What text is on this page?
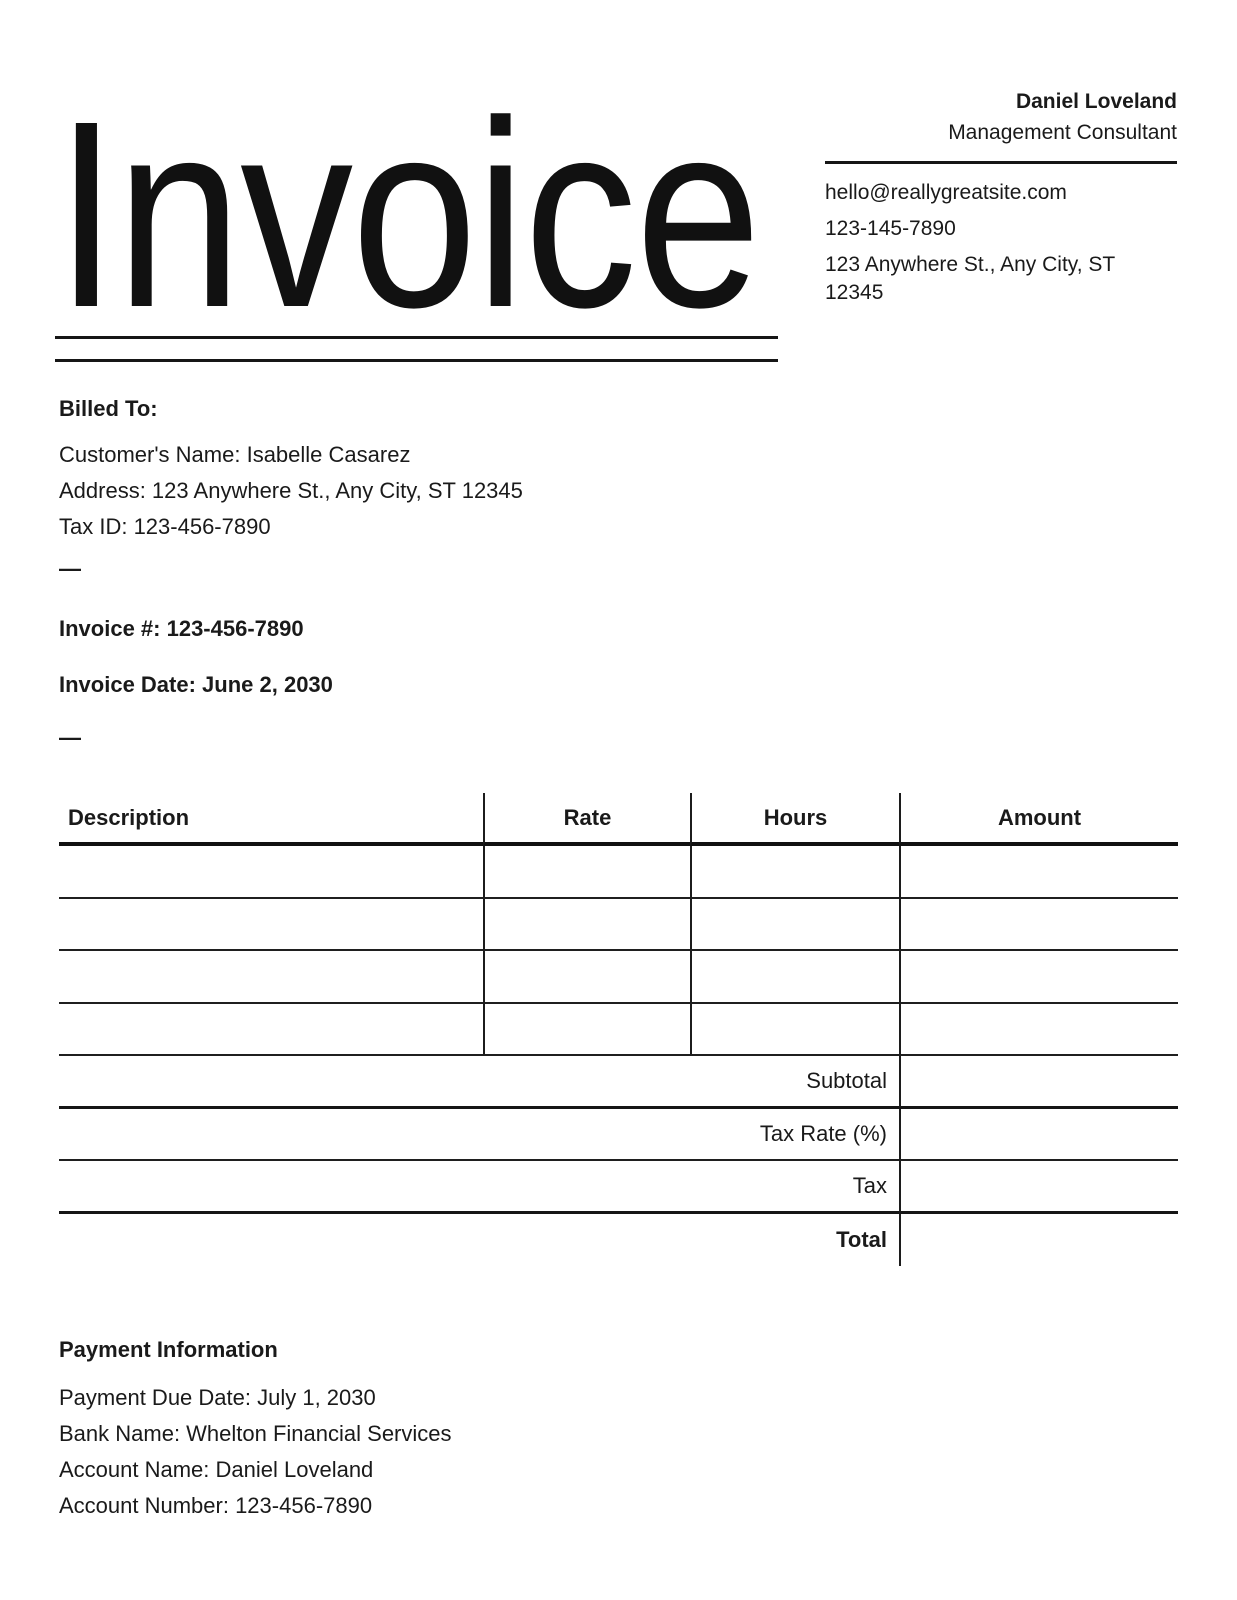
Invoice	Daniel Loveland
Management Consultant
hello@reallygreatsite.com
123-145-7890
123 Anywhere St., Any City, ST 12345
Billed To:
Customer's Name: Isabelle Casarez
Address: 123 Anywhere St., Any City, ST 12345
Tax ID: 123-456-7890
—
Invoice #: 123-456-7890
Invoice Date: June 2, 2030
—
Description	Rate	Hours	Amount
Subtotal
Tax Rate (%)
Tax
Total
Payment Information
Payment Due Date: July 1, 2030
Bank Name: Whelton Financial Services
Account Name: Daniel Loveland
Account Number: 123-456-7890
